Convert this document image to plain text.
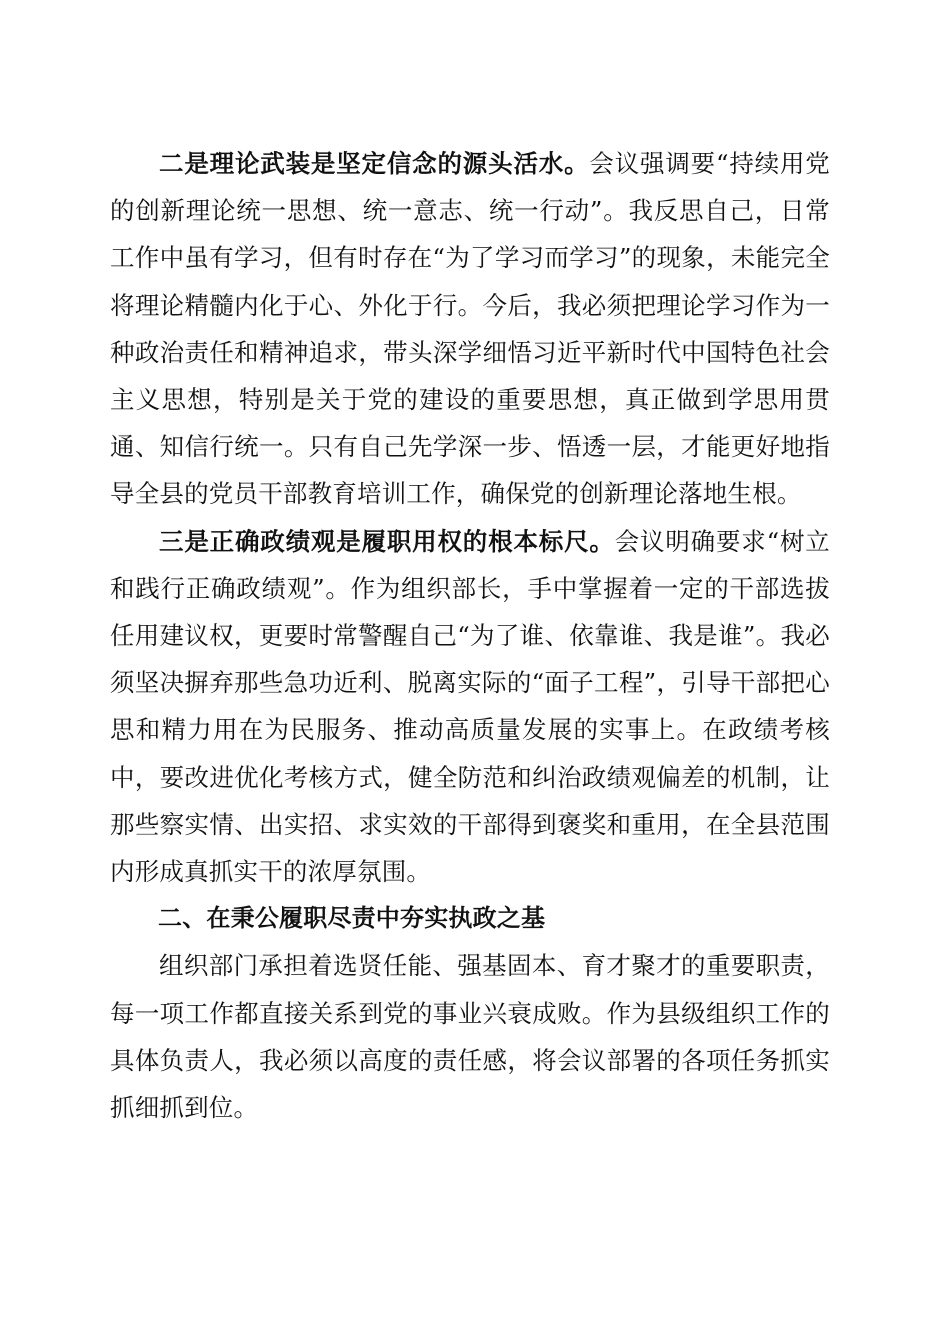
二是理论武装是坚定信念的源头活水。会议强调要“持续用党的创新理论统一思想、统一意志、统一行动”。我反思自己，日常工作中虽有学习，但有时存在“为了学习而学习”的现象，未能完全将理论精髓内化于心、外化于行。今后，我必须把理论学习作为一种政治责任和精神追求，带头深学细悟习近平新时代中国特色社会主义思想，特别是关于党的建设的重要思想，真正做到学思用贯通、知信行统一。只有自己先学深一步、悟透一层，才能更好地指导全县的党员干部教育培训工作，确保党的创新理论落地生根。

三是正确政绩观是履职用权的根本标尺。会议明确要求“树立和践行正确政绩观”。作为组织部长，手中掌握着一定的干部选拔任用建议权，更要时常警醒自己“为了谁、依靠谁、我是谁”。我必须坚决摒弃那些急功近利、脱离实际的“面子工程”，引导干部把心思和精力用在为民服务、推动高质量发展的实事上。在政绩考核中，要改进优化考核方式，健全防范和纠治政绩观偏差的机制，让那些察实情、出实招、求实效的干部得到褒奖和重用，在全县范围内形成真抓实干的浓厚氛围。

二、在秉公履职尽责中夯实执政之基

组织部门承担着选贤任能、强基固本、育才聚才的重要职责，每一项工作都直接关系到党的事业兴衰成败。作为县级组织工作的具体负责人，我必须以高度的责任感，将会议部署的各项任务抓实抓细抓到位。
